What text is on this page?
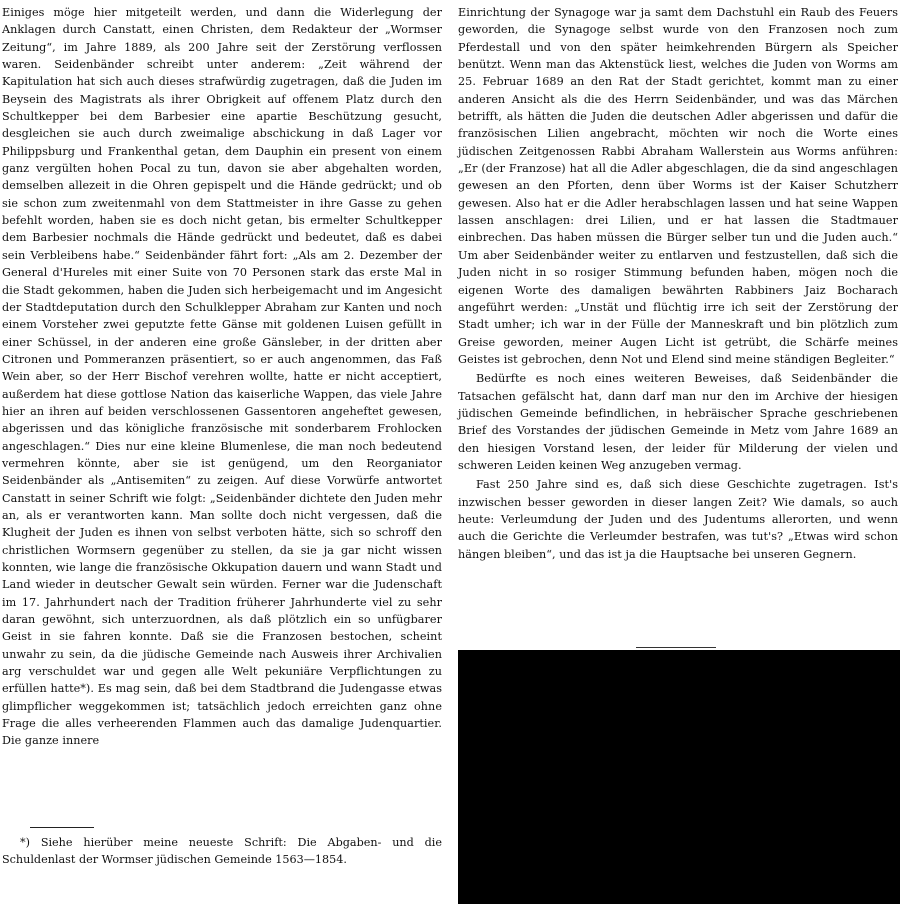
Einiges möge hier mitgeteilt werden, und dann die Widerlegung der Anklagen durch Canstatt, einen Christen, dem Redakteur der „Wormser Zeitung“, im Jahre 1889, als 200 Jahre seit der Zerstörung verflossen waren. Seidenbänder schreibt unter anderem: „Zeit während der Kapitulation hat sich auch dieses strafwürdig zugetragen, daß die Juden im Beysein des Magistrats als ihrer Obrigkeit auf offenem Platz durch den Schultkepper bei dem Barbesier eine apartie Beschützung gesucht, desgleichen sie auch durch zweimalige abschickung in daß Lager vor Philippsburg und Frankenthal getan, dem Dauphin ein present von einem ganz vergülten hohen Pocal zu tun, davon sie aber abgehalten worden, demselben allezeit in die Ohren gepispelt und die Hände gedrückt; und ob sie schon zum zweitenmahl von dem Stattmeister in ihre Gasse zu gehen befehlt worden, haben sie es doch nicht getan, bis ermelter Schultkepper dem Barbesier nochmals die Hände gedrückt und bedeutet, daß es dabei sein Verbleibens habe.“ Seidenbänder fährt fort: „Als am 2. Dezember der General d'Hureles mit einer Suite von 70 Personen stark das erste Mal in die Stadt gekommen, haben die Juden sich herbeigemacht und im Angesicht der Stadtdeputation durch den Schulklepper Abraham zur Kanten und noch einem Vorsteher zwei geputzte fette Gänse mit goldenen Luisen gefüllt in einer Schüssel, in der anderen eine große Gänsleber, in der dritten aber Citronen und Pommeranzen präsentiert, so er auch angenommen, das Faß Wein aber, so der Herr Bischof verehren wollte, hatte er nicht acceptiert, außerdem hat diese gottlose Nation das kaiserliche Wappen, das viele Jahre hier an ihren auf beiden verschlossenen Gassentoren angeheftet gewesen, abgerissen und das königliche französische mit sonderbarem Frohlocken angeschlagen.“ Dies nur eine kleine Blumenlese, die man noch bedeutend vermehren könnte, aber sie ist genügend, um den Reorganiator Seidenbänder als „Antisemiten“ zu zeigen. Auf diese Vorwürfe antwortet Canstatt in seiner Schrift wie folgt: „Seidenbänder dichtete den Juden mehr an, als er verantworten kann. Man sollte doch nicht vergessen, daß die Klugheit der Juden es ihnen von selbst verboten hätte, sich so schroff den christlichen Wormsern gegenüber zu stellen, da sie ja gar nicht wissen konnten, wie lange die französische Okkupation dauern und wann Stadt und Land wieder in deutscher Gewalt sein würden. Ferner war die Judenschaft im 17. Jahrhundert nach der Tradition früherer Jahrhunderte viel zu sehr daran gewöhnt, sich unterzuordnen, als daß plötzlich ein so unfügbarer Geist in sie fahren konnte. Daß sie die Franzosen bestochen, scheint unwahr zu sein, da die jüdische Gemeinde nach Ausweis ihrer Archivalien arg verschuldet war und gegen alle Welt pekuniäre Verpflichtungen zu erfüllen hatte*). Es mag sein, daß bei dem Stadtbrand die Judengasse etwas glimpflicher weggekommen ist; tatsächlich jedoch erreichten ganz ohne Frage die alles verheerenden Flammen auch das damalige Judenquartier. Die ganze innere

*) Siehe hierüber meine neueste Schrift: Die Abgaben- und die Schuldenlast der Wormser jüdischen Gemeinde 1563—1854.

Einrichtung der Synagoge war ja samt dem Dachstuhl ein Raub des Feuers geworden, die Synagoge selbst wurde von den Franzosen noch zum Pferdestall und von den später heimkehrenden Bürgern als Speicher benützt. Wenn man das Aktenstück liest, welches die Juden von Worms am 25. Februar 1689 an den Rat der Stadt gerichtet, kommt man zu einer anderen Ansicht als die des Herrn Seidenbänder, und was das Märchen betrifft, als hätten die Juden die deutschen Adler abgerissen und dafür die französischen Lilien angebracht, möchten wir noch die Worte eines jüdischen Zeitgenossen Rabbi Abraham Wallerstein aus Worms anführen: „Er (der Franzose) hat all die Adler abgeschlagen, die da sind angeschlagen gewesen an den Pforten, denn über Worms ist der Kaiser Schutzherr gewesen. Also hat er die Adler herabschlagen lassen und hat seine Wappen lassen anschlagen: drei Lilien, und er hat lassen die Stadtmauer einbrechen. Das haben müssen die Bürger selber tun und die Juden auch.“ Um aber Seidenbänder weiter zu entlarven und festzustellen, daß sich die Juden nicht in so rosiger Stimmung befunden haben, mögen noch die eigenen Worte des damaligen bewährten Rabbiners Jaiz Bocharach angeführt werden: „Unstät und flüchtig irre ich seit der Zerstörung der Stadt umher; ich war in der Fülle der Manneskraft und bin plötzlich zum Greise geworden, meiner Augen Licht ist getrübt, die Schärfe meines Geistes ist gebrochen, denn Not und Elend sind meine ständigen Begleiter.“

Bedürfte es noch eines weiteren Beweises, daß Seidenbänder die Tatsachen gefälscht hat, dann darf man nur den im Archive der hiesigen jüdischen Gemeinde befindlichen, in hebräischer Sprache geschriebenen Brief des Vorstandes der jüdischen Gemeinde in Metz vom Jahre 1689 an den hiesigen Vorstand lesen, der leider für Milderung der vielen und schweren Leiden keinen Weg anzugeben vermag.

Fast 250 Jahre sind es, daß sich diese Geschichte zugetragen. Ist's inzwischen besser geworden in dieser langen Zeit? Wie damals, so auch heute: Verleumdung der Juden und des Judentums allerorten, und wenn auch die Gerichte die Verleumder bestrafen, was tut's? „Etwas wird schon hängen bleiben“, und das ist ja die Hauptsache bei unseren Gegnern.
